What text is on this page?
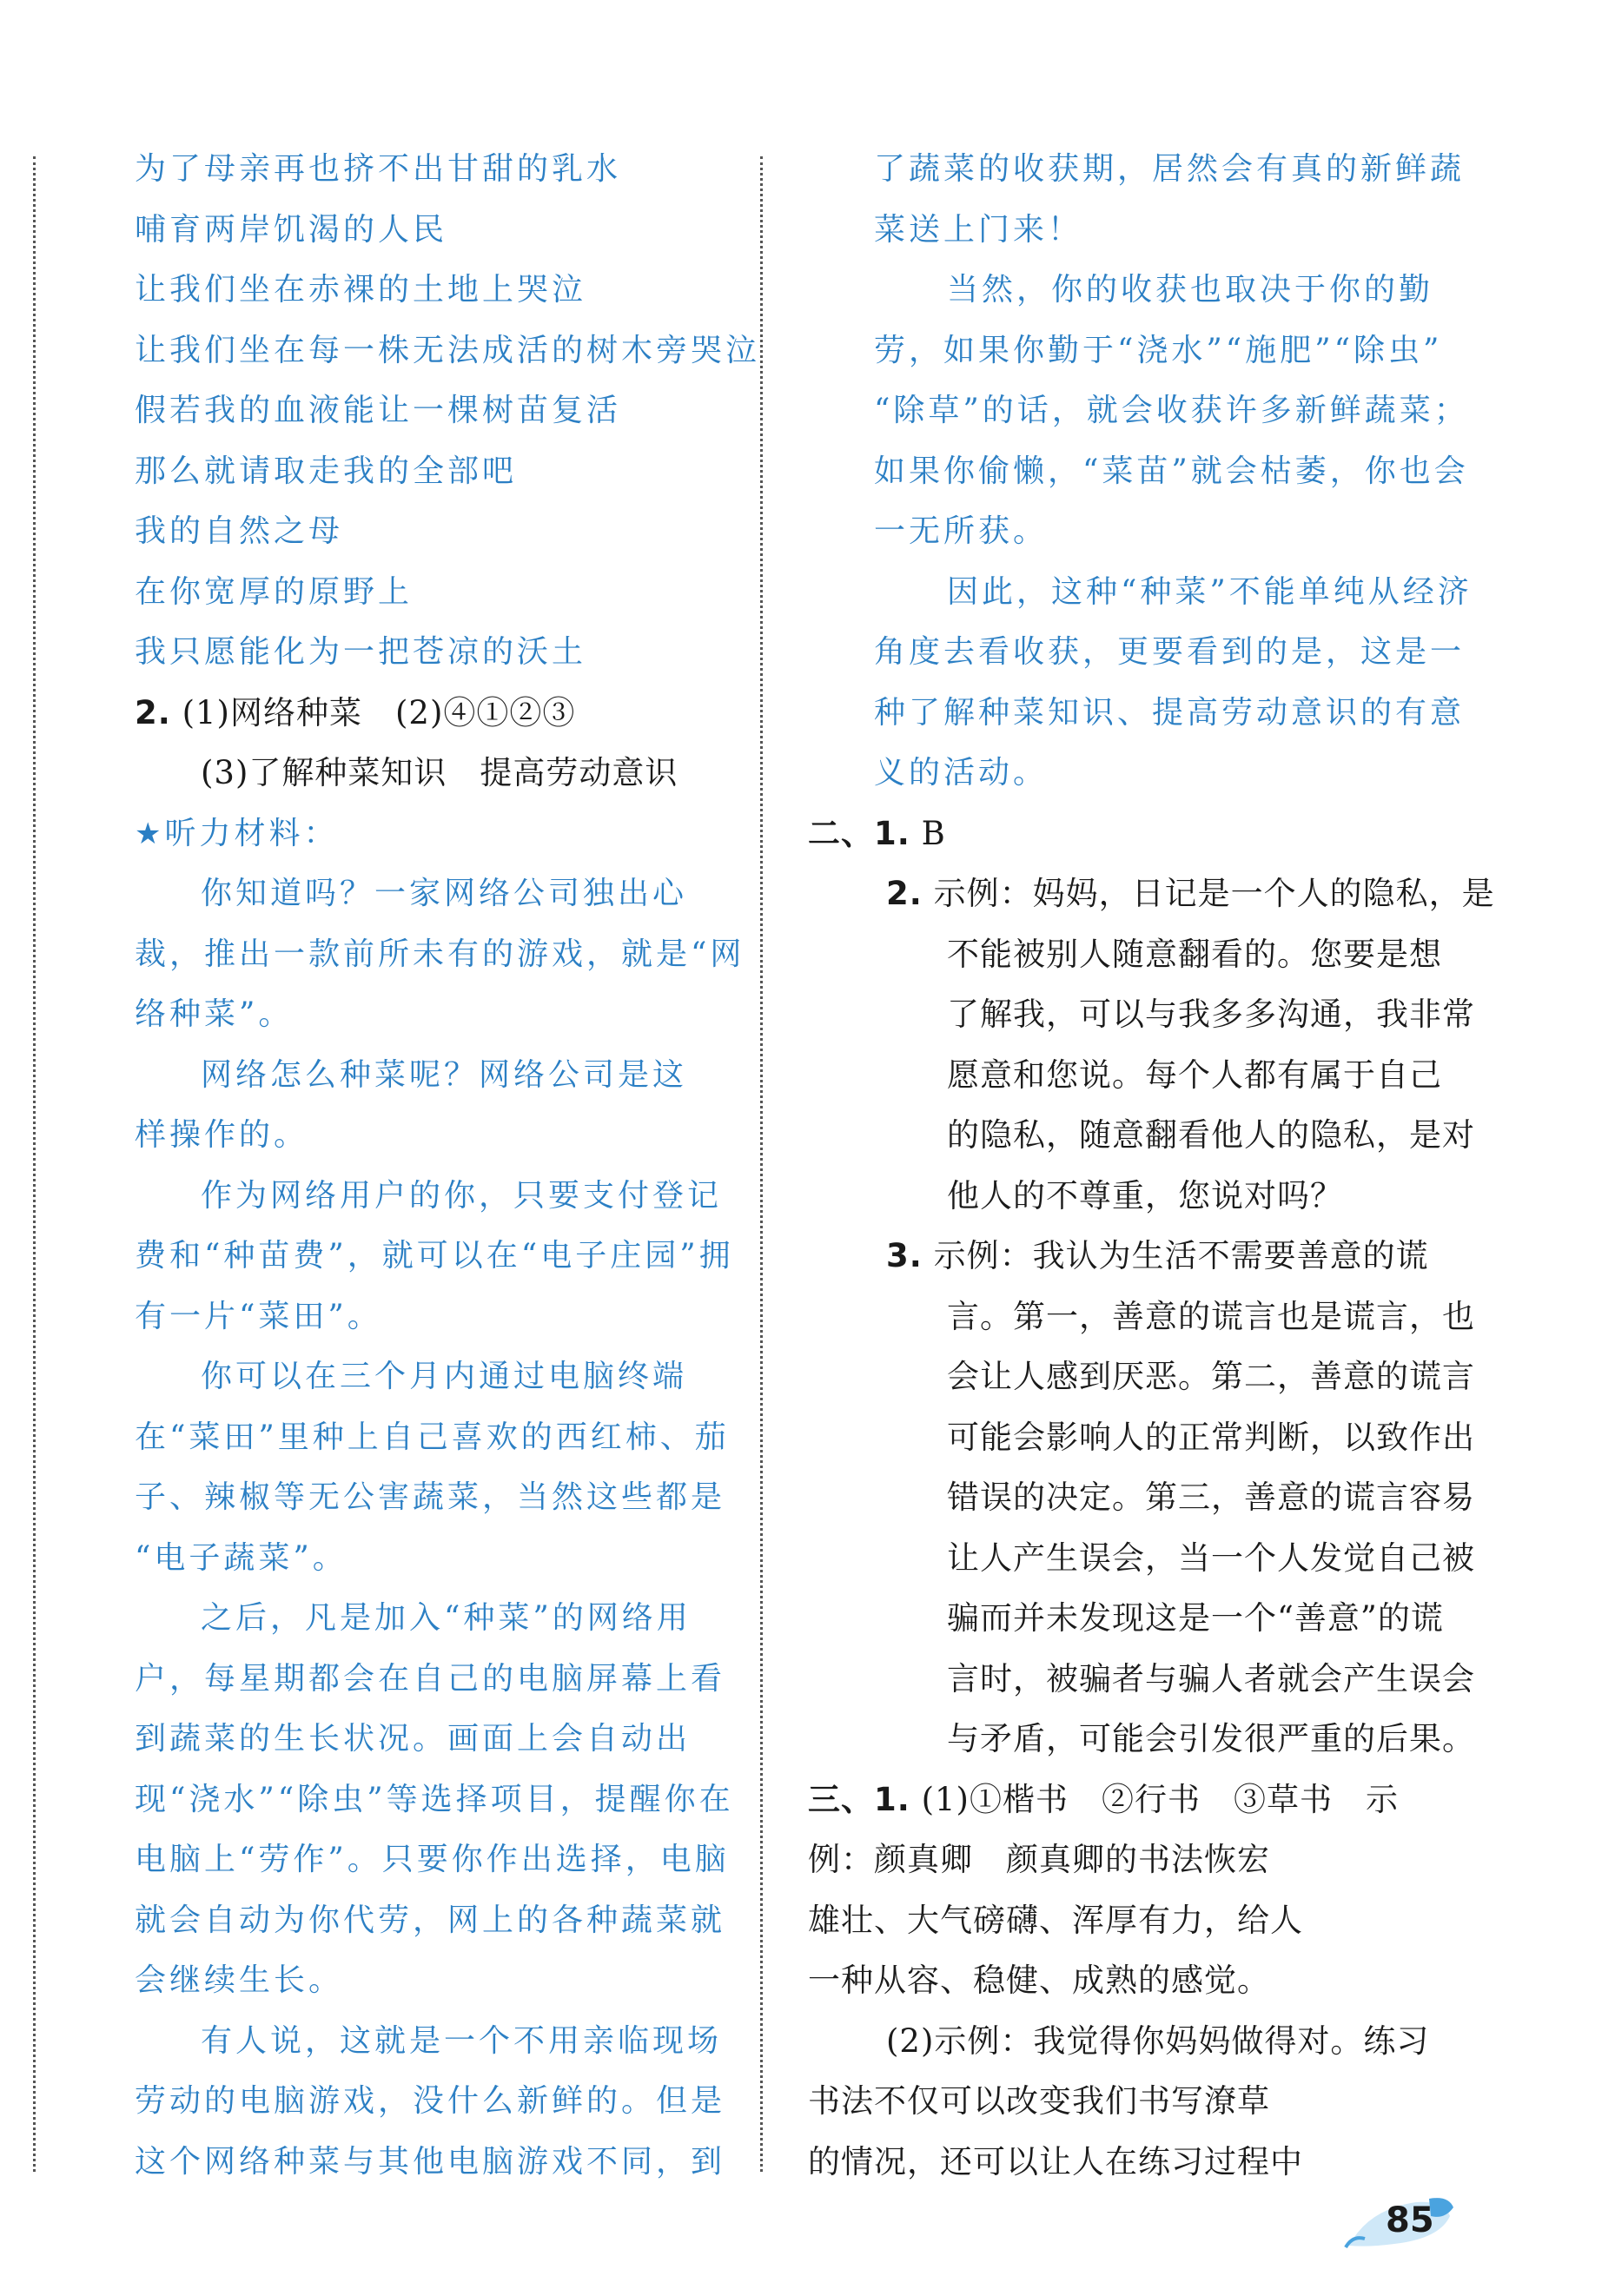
为了母亲再也挤不出甘甜的乳水
哺育两岸饥渴的人民
让我们坐在赤裸的土地上哭泣
让我们坐在每一株无法成活的树木旁哭泣
假若我的血液能让一棵树苗复活
那么就请取走我的全部吧
我的自然之母
在你宽厚的原野上
我只愿能化为一把苍凉的沃土
2. (1)网络种菜　(2)④①②③
(3)了解种菜知识　提高劳动意识
★听力材料：
你知道吗？一家网络公司独出心
裁，推出一款前所未有的游戏，就是“网
络种菜”。
网络怎么种菜呢？网络公司是这
样操作的。
作为网络用户的你，只要支付登记
费和“种苗费”，就可以在“电子庄园”拥
有一片“菜田”。
你可以在三个月内通过电脑终端
在“菜田”里种上自己喜欢的西红柿、茄
子、辣椒等无公害蔬菜，当然这些都是
“电子蔬菜”。
之后，凡是加入“种菜”的网络用
户，每星期都会在自己的电脑屏幕上看
到蔬菜的生长状况。画面上会自动出
现“浇水”“除虫”等选择项目，提醒你在
电脑上“劳作”。只要你作出选择，电脑
就会自动为你代劳，网上的各种蔬菜就
会继续生长。
有人说，这就是一个不用亲临现场
劳动的电脑游戏，没什么新鲜的。但是
这个网络种菜与其他电脑游戏不同，到
了蔬菜的收获期，居然会有真的新鲜蔬
菜送上门来！
当然，你的收获也取决于你的勤
劳，如果你勤于“浇水”“施肥”“除虫”
“除草”的话，就会收获许多新鲜蔬菜；
如果你偷懒，“菜苗”就会枯萎，你也会
一无所获。
因此，这种“种菜”不能单纯从经济
角度去看收获，更要看到的是，这是一
种了解种菜知识、提高劳动意识的有意
义的活动。
二、1. B
2. 示例：妈妈，日记是一个人的隐私，是
不能被别人随意翻看的。您要是想
了解我，可以与我多多沟通，我非常
愿意和您说。每个人都有属于自己
的隐私，随意翻看他人的隐私，是对
他人的不尊重，您说对吗？
3. 示例：我认为生活不需要善意的谎
言。第一，善意的谎言也是谎言，也
会让人感到厌恶。第二，善意的谎言
可能会影响人的正常判断，以致作出
错误的决定。第三，善意的谎言容易
让人产生误会，当一个人发觉自己被
骗而并未发现这是一个“善意”的谎
言时，被骗者与骗人者就会产生误会
与矛盾，可能会引发很严重的后果。
三、1. (1)①楷书　②行书　③草书　示
例：颜真卿　颜真卿的书法恢宏
雄壮、大气磅礴、浑厚有力，给人
一种从容、稳健、成熟的感觉。
(2)示例：我觉得你妈妈做得对。练习
书法不仅可以改变我们书写潦草
的情况，还可以让人在练习过程中
85
